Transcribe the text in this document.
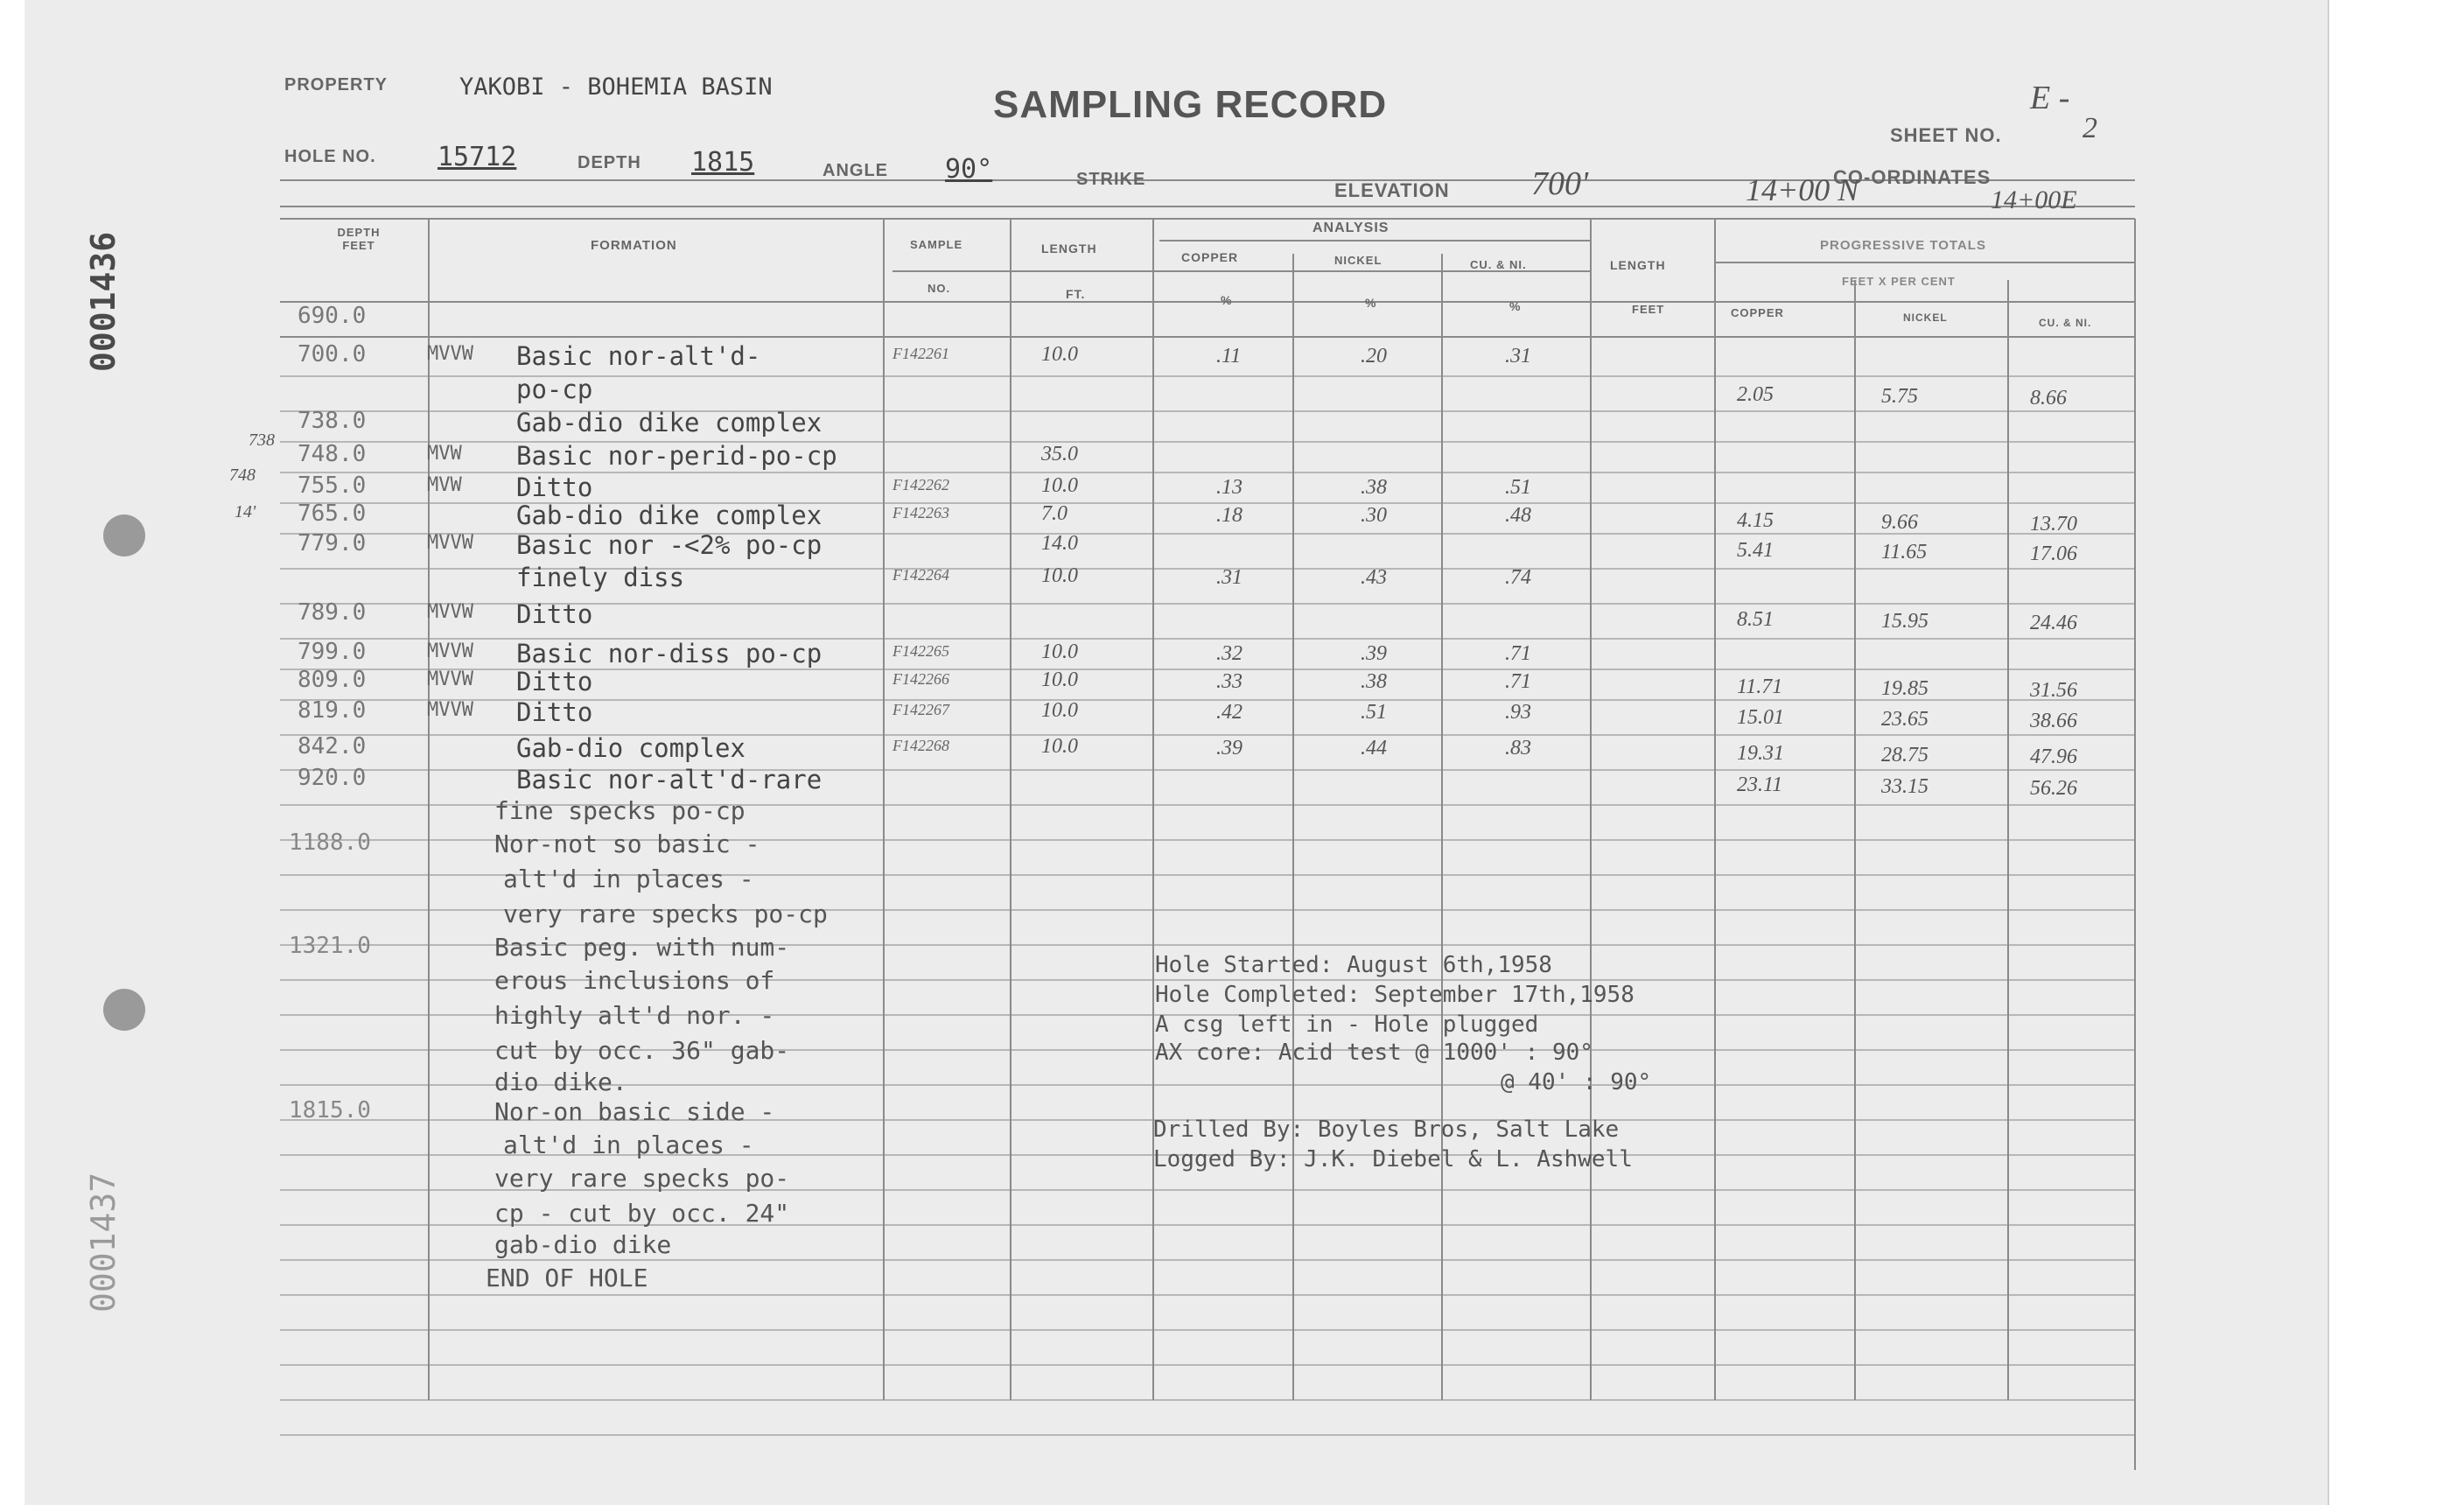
0001436
0001437
PROPERTY	YAKOBI - BOHEMIA BASIN	SAMPLING RECORD	E -
SHEET NO.	2
HOLE NO. 15712	DEPTH 1815	ANGLE 90°	STRIKE	ELEVATION 700'	CO-ORDINATES
14+00 N	14+00E
DEPTH FEET	FORMATION	SAMPLE
NO.
LENGTH
FT.
ANALYSIS
COPPER	NICKEL	CU. & NI.
%	%	%
LENGTH
FEET
PROGRESSIVE TOTALS
FEET X PER CENT
COPPER	NICKEL	CU. & NI.
738
748
14'
690.0
700.0	MVVW Basic nor-alt'd-	F142261	10.0	.11	.20	.31
po-cp	2.05	5.75	8.66
738.0	Gab-dio dike complex
748.0	MVW Basic nor-perid-po-cp	35.0
755.0	MVW Ditto	F142262	10.0	.13	.38	.51
765.0	Gab-dio dike complex	F142263	7.0	.18	.30	.48	4.15	9.66	13.70
779.0	MVVW Basic nor -<2% po-cp	14.0	5.41	11.65	17.06
finely diss	F142264	10.0	.31	.43	.74
789.0	MVVW Ditto	8.51	15.95	24.46
799.0	MVVW Basic nor-diss po-cp	F142265	10.0	.32	.39	.71
809.0	MVVW Ditto	F142266	10.0	.33	.38	.71	11.71	19.85	31.56
819.0	MVVW Ditto	F142267	10.0	.42	.51	.93	15.01	23.65	38.66
842.0	Gab-dio complex	F142268	10.0	.39	.44	.83	19.31	28.75	47.96
920.0	Basic nor-alt'd-rare	23.11	33.15	56.26
fine specks po-cp
1188.0	Nor-not so basic -
alt'd in places -
very rare specks po-cp
1321.0	Basic peg. with num-
erous inclusions of
highly alt'd nor. -
cut by occ. 36" gab-
dio dike.
1815.0	Nor-on basic side -
alt'd in places -
very rare specks po-
cp - cut by occ. 24"
gab-dio dike
END OF HOLE
Hole Started: August 6th,1958
Hole Completed: September 17th,1958
A csg left in - Hole plugged
AX core: Acid test @ 1000' : 90°
@ 40' : 90°
Drilled By: Boyles Bros, Salt Lake
Logged By: J.K. Diebel & L. Ashwell
